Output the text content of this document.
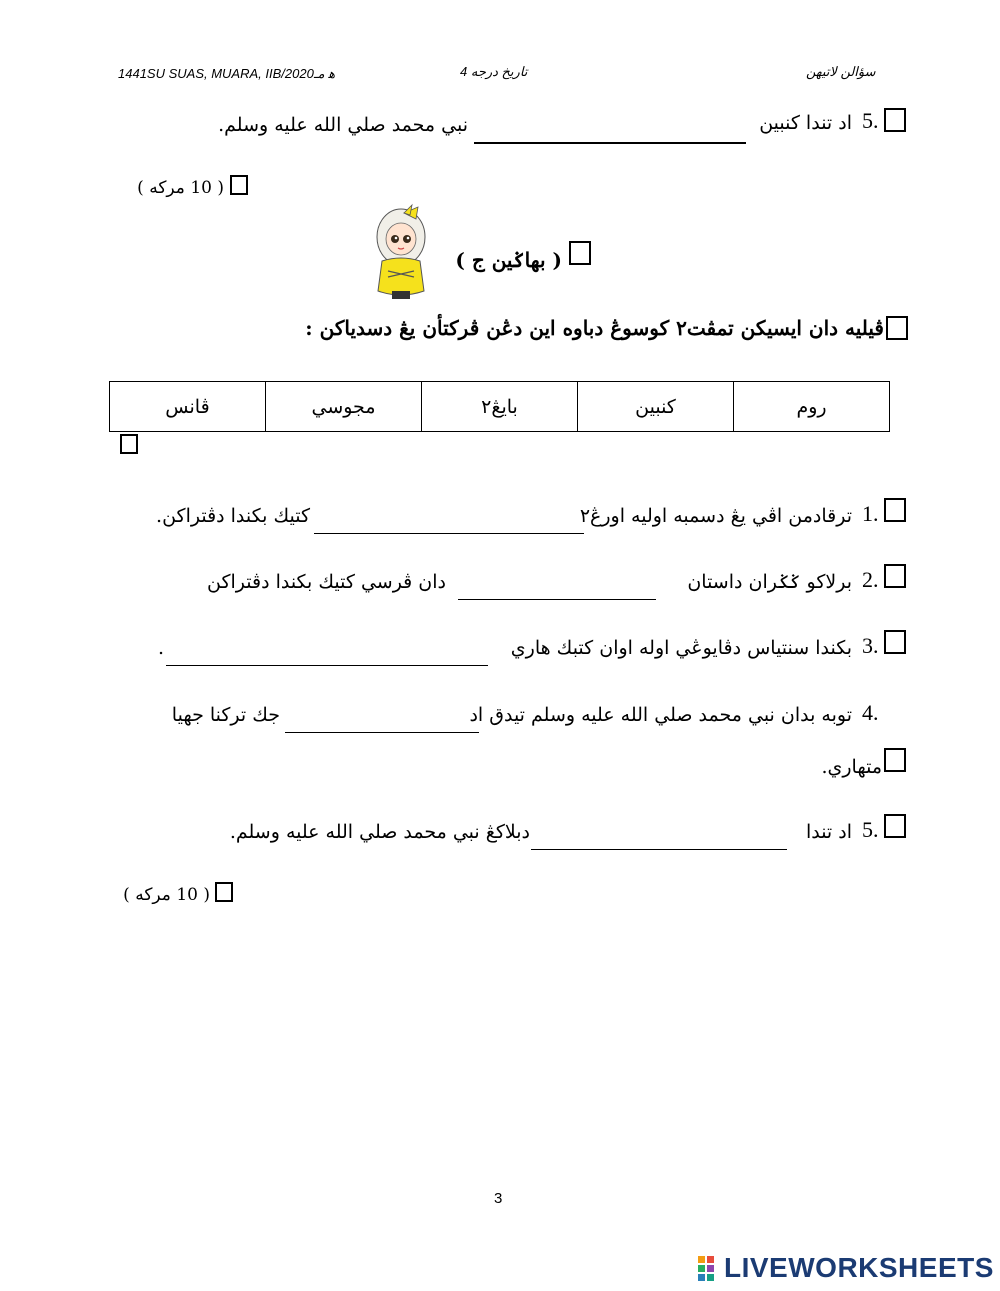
1441SU SUAS, MUARA, IIB/2020ﻫ مـ	تاريخ درجه 4	سؤالن لاتيهن
5.
اد تندا كنبين
نبي محمد صلي الله عليه وسلم.
( 10 مركه )
( بهاݢين ج )
ڤيليه دان ايسيكن تمڤت٢ كوسوڠ دباوه اين دڠن ڤركتأن يڠ دسدياكن :
روم	كنبين	بايڠ٢	مجوسي	ڤانس
1.
ترقادمن اڤي يڠ دسمبه اوليه اورڠ٢
كتيك بكندا دڤتراكن.
2.
برلاكو ݢݢران داستان
دان ڤرسي كتيك بكندا دڤتراكن
3.
بكندا سنتياس دڤايوڠي اوله اوان كتبك هاري
.
4.
توبه بدان نبي محمد صلي الله عليه وسلم تيدق اد
جك تركنا جهيا
متهاري.
5.
اد تندا
دبلاكڠ نبي محمد صلي الله عليه وسلم.
( 10 مركه )
3
LIVEWORKSHEETS
